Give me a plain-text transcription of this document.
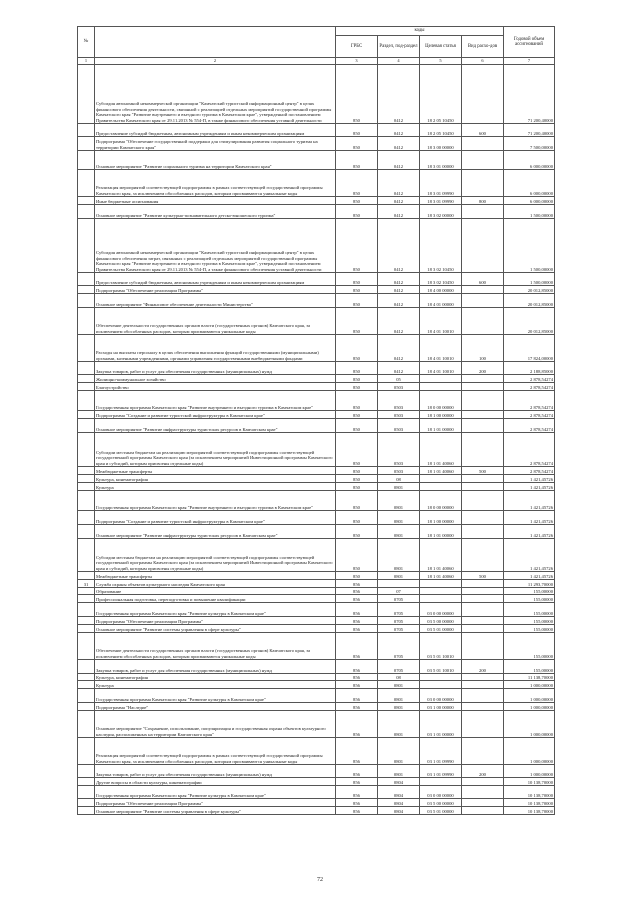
№		коды				Годовой объем ассигнований
		ГРБС	Раздел, под-раздел	Целевая статья	Вид расхо-дов	
1	2	3	4	5	6	7
	Субсидия автономной некоммерческой организации "Камчатский туристский информационный центр" в целях финансового обеспечения деятельности, связанной с реализацией отдельных мероприятий государственной программы Камчатского края "Развитие внутреннего и въездного туризма в Камчатском крае", утвержденной постановлением Правительства Камчатского края от 29.11.2013 № 554-П, в также финансового обеспечения уставной деятельности	850	0412	18 2 05 10450		71 200,40000
	Предоставление субсидий бюджетным, автономным учреждениям и иным некоммерческим организациям	850	0412	18 2 05 10450	600	71 200,40000
	Подпрограмма "Обеспечение государственной поддержки для стимулирования развития социального туризма на территории Камчатского края"	850	0412	18 3 00 00000		7 500,00000
	Основное мероприятие "Развитие социального туризма на территории Камчатского края"	850	0412	18 3 01 00000		6 000,00000
	Реализация мероприятий соответствующей подпрограммы в рамках соответствующей государственной программы Камчатского края, за исключением обособленных расходов, которым присваиваются уникальные коды	850	0412	18 3 01 09990		6 000,00000
	Иные бюджетные ассигнования	850	0412	18 3 01 09990	800	6 000,00000
	Основное мероприятие "Развитие культурно-познавательного детско-юношеского туризма"	850	0412	18 3 02 00000		1 500,00000
	Субсидия автономной некоммерческой организации "Камчатский туристский информационный центр" в целях финансового обеспечения затрат, связанных с реализацией отдельных мероприятий государственной программы Камчатского края "Развитие внутреннего и въездного туризма в Камчатском крае", утвержденной постановлением Правительства Камчатского края от 29.11.2013 № 554-П, а также финансового обеспечения уставной деятельности	850	0412	18 3 02 10450		1 500,00000
	Предоставление субсидий бюджетным, автономным учреждениям и иным некоммерческим организациям	850	0412	18 3 02 10450	600	1 500,00000
	Подпрограмма "Обеспечение реализации Программы"	850	0412	18 4 00 00000		20 012,85000
	Основное мероприятие "Финансовое обеспечение деятельности Министерства"	850	0412	18 4 01 00000		20 012,85000
	Обеспечение деятельности государственных органов власти (государственных органов) Камчатского края, за исключением обособленных расходов, которым присваиваются уникальные коды	850	0412	18 4 01 10010		20 012,85000
	Расходы на выплаты персоналу в целях обеспечения выполнения функций государственными (муниципальными) органами, казенными учреждениями, органами управления государственными внебюджетными фондами	850	0412	18 4 01 10010	100	17 824,00000
	Закупка товаров, работ и услуг для обеспечения государственных (муниципальных) нужд	850	0412	18 4 01 10010	200	2 188,85000
	Жилищно-коммунальное хозяйство	850	05			2 878,54274
	Благоустройство	850	0503			2 878,54274
	Государственная программа Камчатского края "Развитие внутреннего и въездного туризма в Камчатском крае"	850	0503	18 0 00 00000		2 878,54274
	Подпрограмма "Создание и развитие туристской инфраструктуры в Камчатском крае"	850	0503	18 1 00 00000		2 878,54274
	Основное мероприятие "Развитие инфраструктуры туристских ресурсов в Камчатском крае"	850	0503	18 1 01 00000		2 878,54274
	Субсидии местным бюджетам на реализацию мероприятий соответствующей подпрограммы соответствующей государственной программы Камчатского края (за исключением мероприятий Инвестиционной программы Камчатского края и субсидий, которым присвоены отдельные коды)	850	0503	18 1 01 40060		2 878,54274
	Межбюджетные трансферты	850	0503	18 1 01 40060	500	2 878,54274
	Культура, кинематография	850	08			1 421,45726
	Культура	850	0801			1 421,45726
	Государственная программа Камчатского края "Развитие внутреннего и въездного туризма в Камчатском крае"	850	0801	18 0 00 00000		1 421,45726
	Подпрограмма "Создание и развитие туристской инфраструктуры в Камчатском крае"	850	0801	18 1 00 00000		1 421,45726
	Основное мероприятие "Развитие инфраструктуры туристских ресурсов в Камчатском крае"	850	0801	18 1 01 00000		1 421,45726
	Субсидии местным бюджетам на реализацию мероприятий соответствующей подпрограммы соответствующей государственной программы Камчатского края (за исключением мероприятий Инвестиционной программы Камчатского края и субсидий, которым присвоены отдельные коды)	850	0801	18 1 01 40060		1 421,45726
	Межбюджетные трансферты	850	0801	18 1 01 40060	500	1 421,45726
31	Служба охраны объектов культурного наследия Камчатского края	856				11 293,70000
	Образование	856	07			155,00000
	Профессиональная подготовка, переподготовка и повышение квалификации	856	0705			155,00000
	Государственная программа Камчатского края "Развитие культуры в Камчатском крае"	856	0705	03 0 00 00000		155,00000
	Подпрограмма "Обеспечение реализации Программы"	856	0705	03 5 00 00000		155,00000
	Основное мероприятие "Развитие системы управления в сфере культуры"	856	0705	03 5 01 00000		155,00000
	Обеспечение деятельности государственных органов власти (государственных органов) Камчатского края, за исключением обособленных расходов, которым присваиваются уникальные коды	856	0705	03 5 01 10010		155,00000
	Закупка товаров, работ и услуг для обеспечения государственных (муниципальных) нужд	856	0705	03 5 01 10010	200	155,00000
	Культура, кинематография	856	08			11 138,70000
	Культура	856	0801			1 000,00000
	Государственная программа Камчатского края "Развитие культуры в Камчатском крае"	856	0801	03 0 00 00000		1 000,00000
	Подпрограмма "Наследие"	856	0801	03 1 00 00000		1 000,00000
	Основное мероприятие "Сохранение, использование, популяризация и государственная охрана объектов культурного наследия, расположенных на территории Камчатского края"	856	0801	03 1 01 00000		1 000,00000
	Реализация мероприятий соответствующей подпрограммы в рамках соответствующей государственной программы Камчатского края, за исключением обособленных расходов, которым присваиваются уникальные коды	856	0801	03 1 01 09990		1 000,00000
	Закупка товаров, работ и услуг для обеспечения государственных (муниципальных) нужд	856	0801	03 1 01 09990	200	1 000,00000
	Другие вопросы в области культуры, кинематографии	856	0804			10 138,70000
	Государственная программа Камчатского края "Развитие культуры в Камчатском крае"	856	0804	03 0 00 00000		10 138,70000
	Подпрограмма "Обеспечение реализации Программы"	856	0804	03 5 00 00000		10 138,70000
	Основное мероприятие "Развитие системы управления в сфере культуры"	856	0804	03 5 01 00000		10 138,70000
72
